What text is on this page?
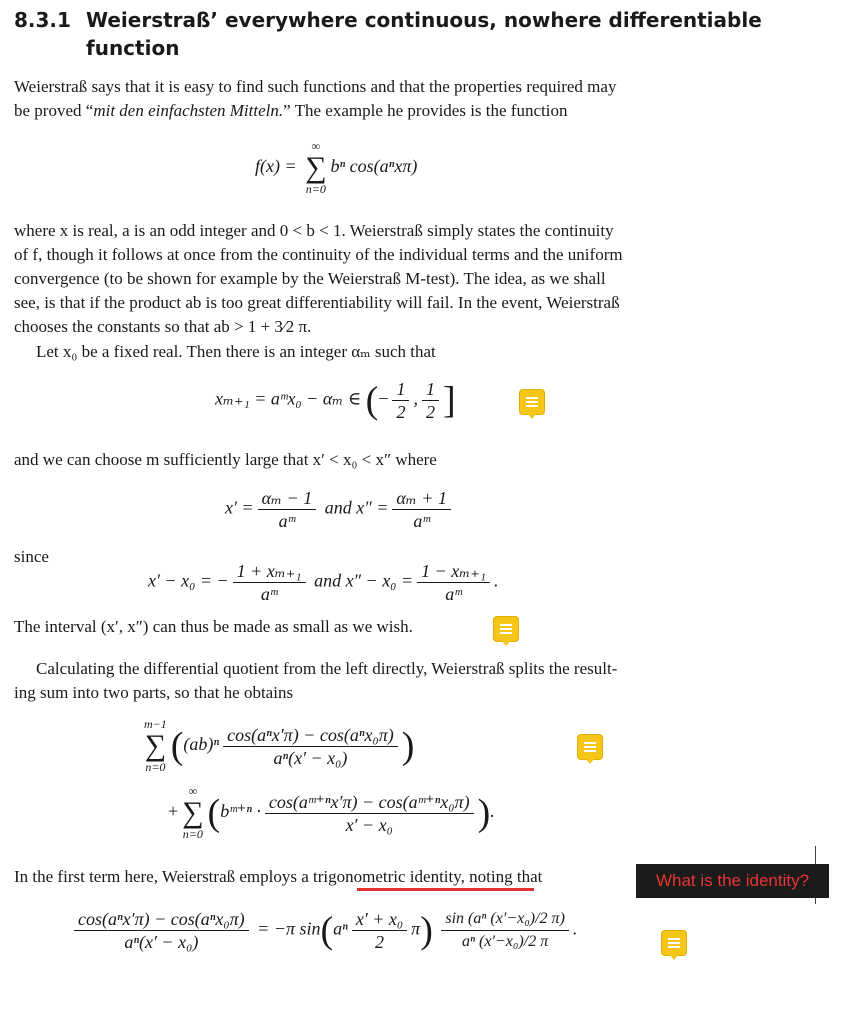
8.3.1 Weierstraß’ everywhere continuous, nowhere differentiable
function
Weierstraß says that it is easy to find such functions and that the properties required may
be proved “mit den einfachsten Mitteln.” The example he provides is the function
f(x) =
∞
∑
n=0
bⁿ cos(aⁿxπ)
where x is real, a is an odd integer and 0 < b < 1. Weierstraß simply states the continuity
of f, though it follows at once from the continuity of the individual terms and the uniform
convergence (to be shown for example by the Weierstraß M-test). The idea, as we shall
see, is that if the product ab is too great differentiability will fail. In the event, Weierstraß
chooses the constants so that ab > 1 + 3⁄2 π.
Let x₀ be a fixed real. Then there is an integer αₘ such that
xₘ₊₁ = aᵐx₀ − αₘ ∈ (− $\frac{1}{2}$ , $\frac{1}{2}$ ]
and we can choose m sufficiently large that x′ < x₀ < x″ where
$x' = \frac{\text{αₘ − 1}}{\text{aᵐ}}$ and $x'' = \frac{\text{αₘ + 1}}{\text{aᵐ}}$
since
x′ − x₀ = − $\frac{\text{1 + xₘ₊₁}}{\text{aᵐ}}$ and $x'' - x_0 = \frac{\text{1 − xₘ₊₁}}{\text{aᵐ}}$ .
The interval (x′, x″) can thus be made as small as we wish.
Calculating the differential quotient from the left directly, Weierstraß splits the result-
ing sum into two parts, so that he obtains
m−1
∑
n=0 ($(ab)^n \frac{\text{cos(aⁿx′π) − cos(aⁿx₀π)}}{\text{aⁿ(x′ − x₀)}}$ )
+
∞
∑
n=0 (bᵐ⁺ⁿ · $\frac{\text{cos(aᵐ⁺ⁿx′π) − cos(aᵐ⁺ⁿx₀π)}}{\text{x′ − x₀}}$ ).
In the first term here, Weierstraß employs a trigonometric identity, noting that	What is the identity?
$\frac{\text{cos(aⁿx′π) − cos(aⁿx₀π)}}{\text{aⁿ(x′ − x₀)}} = -\pi$ $\sin(a^n \frac{\text{x′ + x₀}}{2} \pi) \frac{\text{sin (aⁿ (x′−x₀)/2 π)}}{\text{aⁿ (x′−x₀)/2 π}}$ .
